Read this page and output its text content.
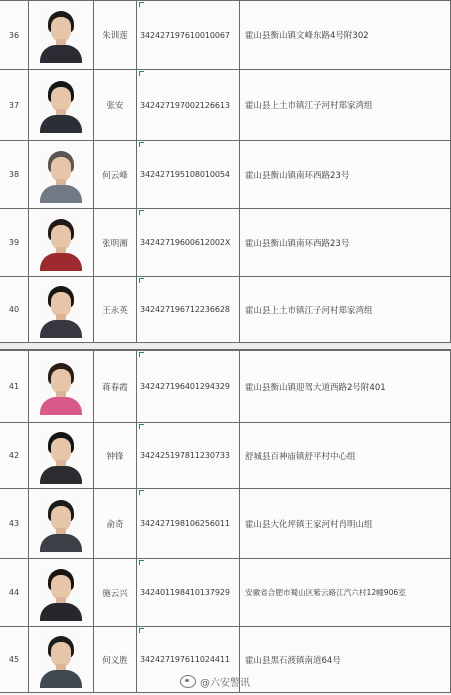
36	朱训莲	342427197610010067	霍山县衡山镇文峰东路4号附302
37	张安	342427197002126613	霍山县上土市镇江子河村郑家湾组
38	何云峰	342427195108010054	霍山县衡山镇南环西路23号
39	张明湘	34242719600612002X	霍山县衡山镇南环西路23号
40	王永英	342427196712236628	霍山县上土市镇江子河村郑家湾组
41	蒋春霞	342427196401294329	霍山县衡山镇迎驾大道西路2号附401
42	钟锋	342425197811230733	舒城县百神庙镇舒平村中心组
43	俞奇	342427198106256011	霍山县大化坪镇王家河村肖明山组
44	施云兴	342401198410137929	安徽省合肥市蜀山区紫云路江汽六村12幢906室
45	何义胜	342427197611024411	霍山县黑石渡镇南道64号
@六安警讯
